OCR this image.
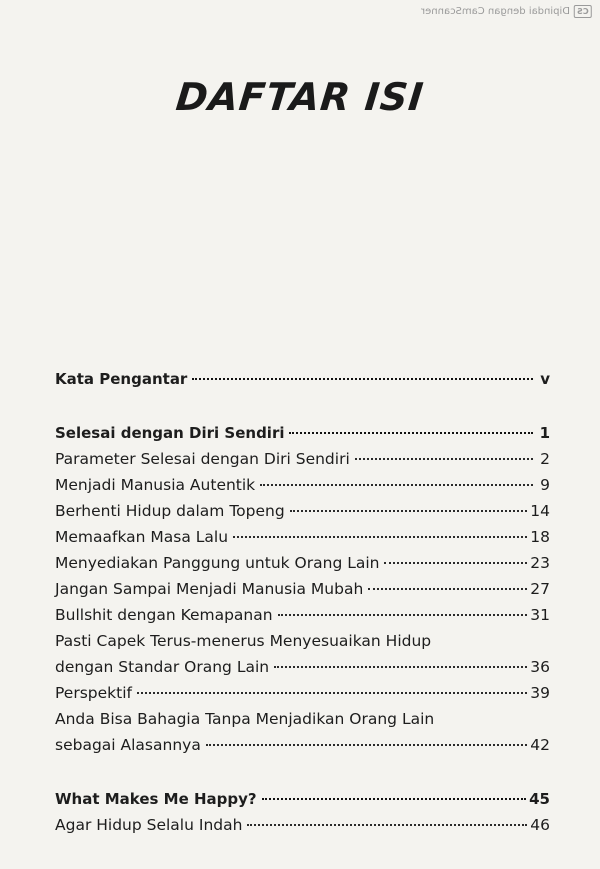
CS
Dipindai dengan CamScanner
DAFTAR ISI
Kata Pengantar	v
Selesai dengan Diri Sendiri	1
Parameter Selesai dengan Diri Sendiri	2
Menjadi Manusia Autentik	9
Berhenti Hidup dalam Topeng	14
Memaafkan Masa Lalu	18
Menyediakan Panggung untuk Orang Lain	23
Jangan Sampai Menjadi Manusia Mubah	27
Bullshit dengan Kemapanan	31
Pasti Capek Terus-menerus Menyesuaikan Hidup
dengan Standar Orang Lain	36
Perspektif	39
Anda Bisa Bahagia Tanpa Menjadikan Orang Lain
sebagai Alasannya	42
What Makes Me Happy?	45
Agar Hidup Selalu Indah	46
